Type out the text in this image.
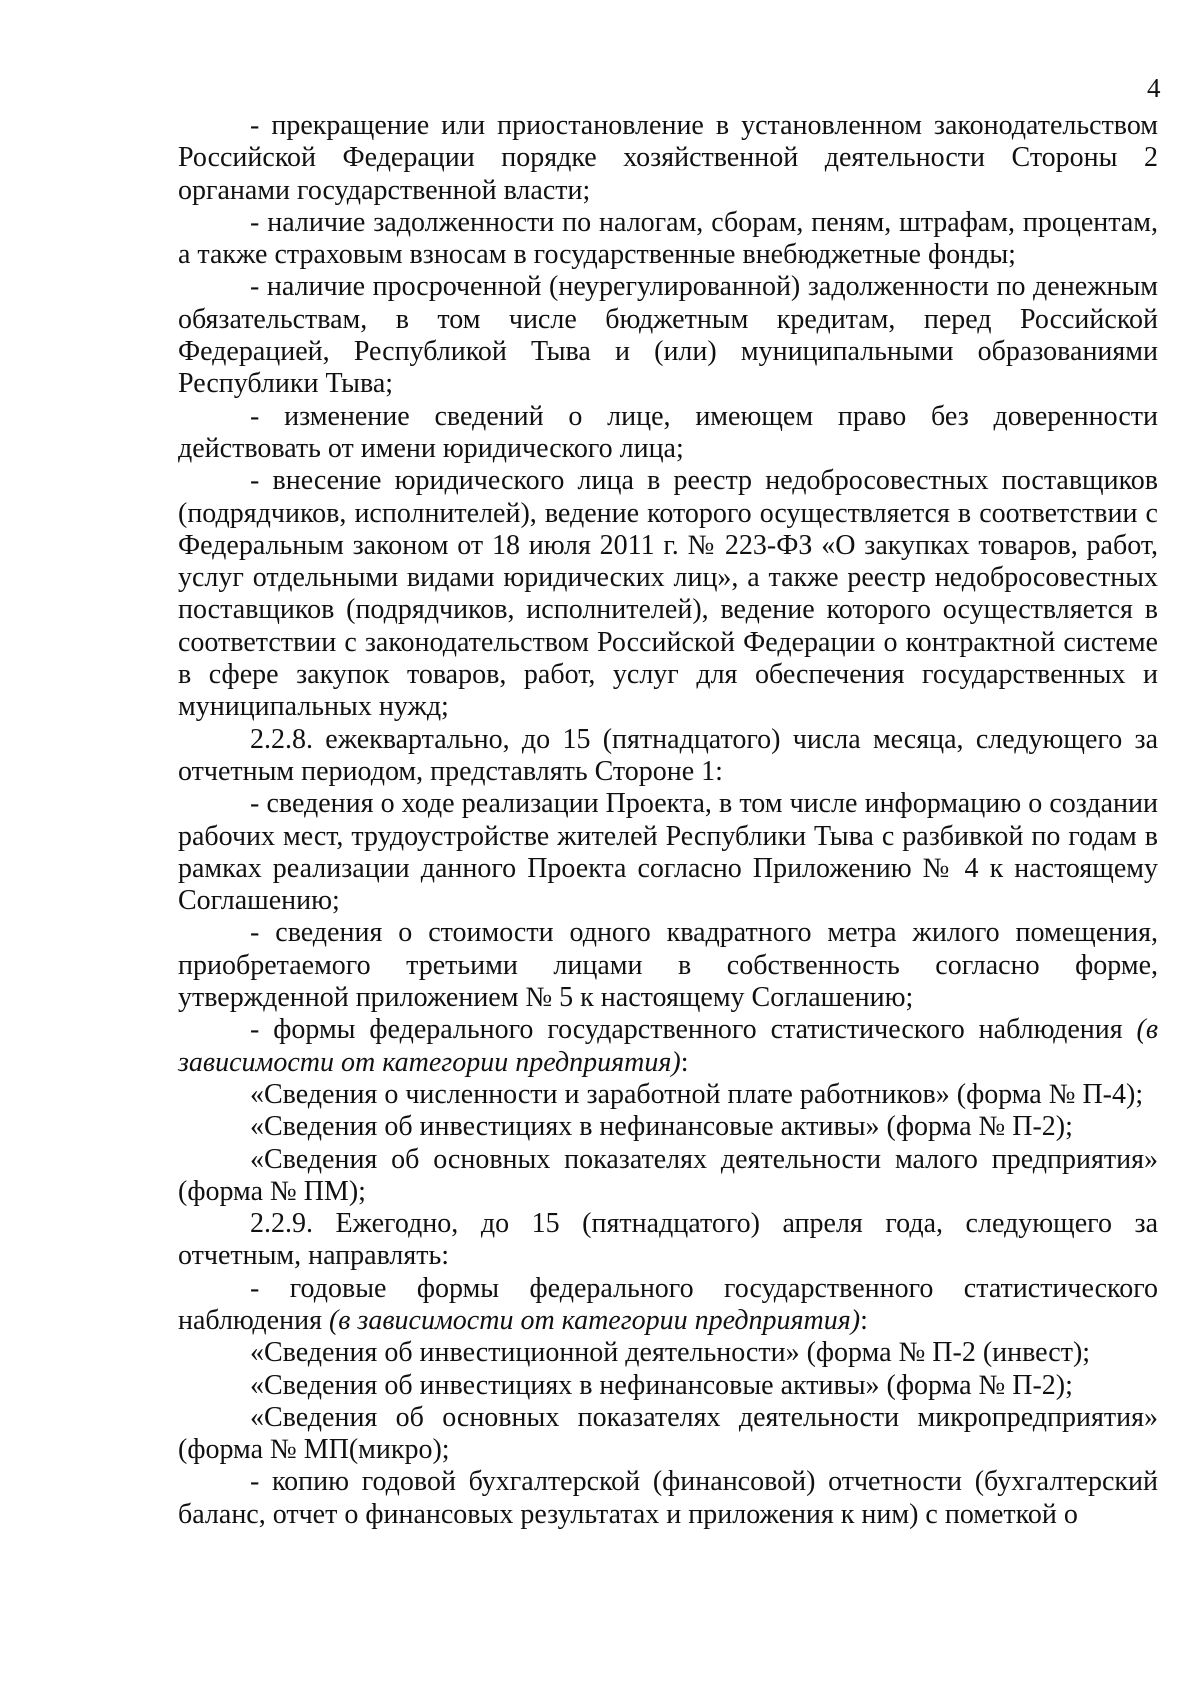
4

- прекращение или приостановление в установленном законодательством Российской Федерации порядке хозяйственной деятельности Стороны 2 органами государственной власти;

- наличие задолженности по налогам, сборам, пеням, штрафам, процентам, а также страховым взносам в государственные внебюджетные фонды;

- наличие просроченной (неурегулированной) задолженности по денежным обязательствам, в том числе бюджетным кредитам, перед Российской Федерацией, Республикой Тыва и (или) муниципальными образованиями Республики Тыва;

- изменение сведений о лице, имеющем право без доверенности действовать от имени юридического лица;

- внесение юридического лица в реестр недобросовестных поставщиков (подрядчиков, исполнителей), ведение которого осуществляется в соответствии с Федеральным законом от 18 июля 2011 г. № 223-ФЗ «О закупках товаров, работ, услуг отдельными видами юридических лиц», а также реестр недобросовестных поставщиков (подрядчиков, исполнителей), ведение которого осуществляется в соответствии с законодательством Российской Федерации о контрактной системе в сфере закупок товаров, работ, услуг для обеспечения государственных и муниципальных нужд;

2.2.8. ежеквартально, до 15 (пятнадцатого) числа месяца, следующего за отчетным периодом, представлять Стороне 1:

- сведения о ходе реализации Проекта, в том числе информацию о создании рабочих мест, трудоустройстве жителей Республики Тыва с разбивкой по годам в рамках реализации данного Проекта согласно Приложению № 4 к настоящему Соглашению;

- сведения о стоимости одного квадратного метра жилого помещения, приобретаемого третьими лицами в собственность согласно форме, утвержденной приложением № 5 к настоящему Соглашению;

- формы федерального государственного статистического наблюдения (в зависимости от категории предприятия):

«Сведения о численности и заработной плате работников» (форма № П-4);

«Сведения об инвестициях в нефинансовые активы» (форма № П-2);

«Сведения об основных показателях деятельности малого предприятия» (форма № ПМ);

2.2.9. Ежегодно, до 15 (пятнадцатого) апреля года, следующего за отчетным, направлять:

- годовые формы федерального государственного статистического наблюдения (в зависимости от категории предприятия):

«Сведения об инвестиционной деятельности» (форма № П-2 (инвест);

«Сведения об инвестициях в нефинансовые активы» (форма № П-2);

«Сведения об основных показателях деятельности микропредприятия» (форма № МП(микро);

- копию годовой бухгалтерской (финансовой) отчетности (бухгалтерский баланс, отчет о финансовых результатах и приложения к ним) с пометкой о
